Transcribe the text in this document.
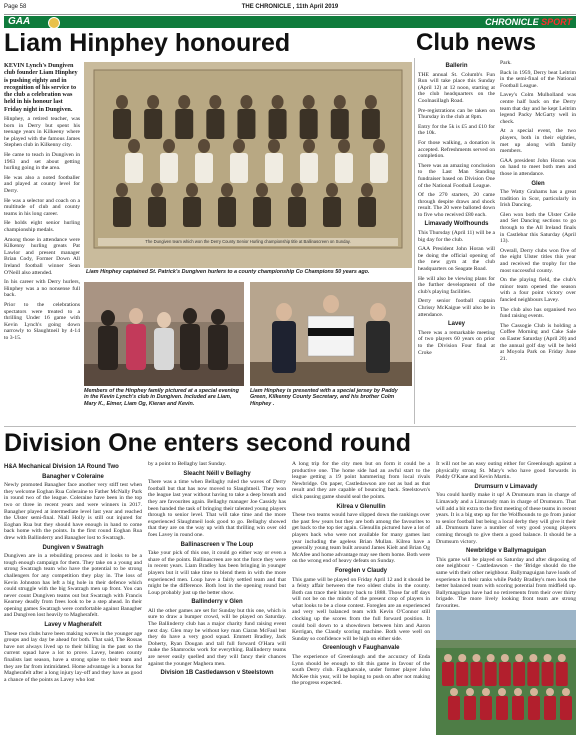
Page 58	THE CHRONICLE , 11th April 2019
GAA	CHRONICLE SPORT
Liam Hinphey honoured

KEVIN Lynch's Dungiven club founder Liam Hinphey is pushing eighty and in recognition of his service to the club a celebration was held in his honour last Friday night in Dungiven.

Hinphey, a retired teacher, was born in Derry but spent his teenage years in Kilkeeny where he played with the famous James Stephen club in Kilkenny city.

He came to teach in Dungiven in 1963 and set about getting hurling going in the area.

He was also a noted footballer and played at county level for Derry.

He was a selector and coach on a multitude of club and county teams in his long career.

He holds eight senior hurling championship medals.

Among those in attendance were Kilkenny hurling greats Pat Lawlor and present manager Brian Cody, Former Down All Ireland football winner Sean O'Neill also attended.

In his career with Derry hurlers, Hinphey was a no nonsense full back.

Prior to the celebrations spectators were treated to a thrilling Under 16 game with Kevin Lynch's going down narrowly to Slaughtneil by 4-14 to 3-15.

The Dungiven team which won the Derry County Senior Hurling championship title at Ballinascreen on Sunday.
Liam Hinphey captained St. Patrick's Dungiven hurlers to a county championship Co Champions 50 years ago.
Members of the Hinphey family pictured at a special evening in the Kevin Lynch's club in Dungiven. Included are Liam, Mary K., Eimer, Liam Og, Kieran and Kevin.
Liam Hinphey is presented with a special jersey by Paddy Green, Kilkenny County Secretary, and his brother Colm Hinphey .
Club news
Ballerin

THE annual St. Columb's Fun Run will take place this Sunday (April 12) at 12 noon, starting at the club headquarters on the Coolnasillagh Road.

Pre-registrations can be taken on Thursday in the club at 8pm.

Entry for the 5k is £5 and £10 for the 10k.

For those walking, a donation is accepted. Refreshments served on completion.

There was an amazing conclusion to the Last Man Standing fundraiser based on Division One of the National Football League.

Of the 270 starters, 20 came through despite draws and shock result. The 20 were balloted down to five who received £80 each.

Limavady Wolfhounds

This Thursday (April 11) will be a big day for the club.

GAA President John Horan will be doing the official opening of the new gym at the club headquarters on Seagate Road.

He will also be viewing plans for the further development of the club's playing facilities.

Derry senior football captain Chrissy McKaigue will also be in attendance.

Lavey

There was a remarkable meeting of two players 60 years on prior to the Division Four final at Croke

Park.

Back in 1959, Derry beat Leitrim in the semi-final of the National Football League.

Lavey's Colm Mulholland was centre half back on the Derry team that day and he kept Leitrim legend Packy McGarty well in check.

At a special event, the two players, both in their eighties, met up along with family members.

GAA president John Horan was on hand to meet both men and those in attendance.

Glen

The Watty Grahams has a great tradition in Scor, particularly in Irish Dancing.

Glen won both the Ulster Ceile and Set Dancing sections to go through to the All Ireland finals in Castlebar this Saturday (April 13).

Overall, Derry clubs won five of the eight Ulster titles this year and received the trophy for the most successful county.

On the playing field, the club's minor team opened the season with a four point victory over fancied neighbours Lavey.

The club also has organised two fund raising events.

The Cassogie Club is holding a Coffee Morning and Cake Sale on Easter Saturday (April 20) and the annual golf day will be held at Moyola Park on Friday June 21.

Division One enters second round
H&A Mechanical Division 1A Round Two
Banagher v Coleraine

Newly promoted Banagher face another very stiff test when they welcome Eoghan Rua Coleraine to Father McNally Park in round two of the league. Coleraine have been in the top two or three in recent years and were winners in 2017. Banagher played at intermediate level last year and reached the Ulster semi-final. Niall Holly is still out injured for Eoghan Rua but they should have enough in hand to come back home with the points. In the first round Eoghan Rua drew with Ballinderry and Banagher lost to Swatragh.

Dungiven v Swatragh

Dungiven are in a rebuilding process and it looks to be a tough enough campaign for them. They take on a young and strong Swatragh team who have the potential to be strong challengers for any competition they play in. The loss of Kevin Johnston has left a big hole in their defence which could struggle with the big Swatragh men up front. You can never count Dungiven teams out but Swatragh with Francis Kearney deadly from frees look to be a step ahead. In their opening games Swatragh were comfortable against Banagher and Dungiven lost heavily to Magherafelt.

Lavey v Magherafelt

These two clubs have been making waves in the younger age groups and lay day be ahead for both. That said, The Rossas have not always lived up to their billing in the past so the current squad have a lot to prove. Lavey, beaten county finalists last season, have a strong spine to their team and they are far from intimidated. Home advantage is a bonus for Magherafelt after a long injury lay-off and they have as good a chance of the points as Lavey who lost

by a point to Bellaghy last Sunday.

Sleacht Néill v Bellaghy

There was a time when Bellaghy ruled the waves of Derry football but that has now moved to Slaughtneil. They won the league last year without having to take a deep breath and they are favourites again. Bellaghy manager Joe Cassidy has been handed the task of bringing their talented young players through to senior level. That will take time and the more experienced Slaughtneil look good to go. Bellaghy showed that they are on the way up with that thrilling win over old foes Lavey in round one.

Ballinascreen v The Loup

Take your pick of this one, it could go either way or even a share of the points. Ballinascreen are not the force they were in recent years. Liam Bradley has been bringing in younger players but it will take time to blend them in with the more experienced men. Loup have a fairly settled team and that might be the difference. Both lost in the opening round but Loup probably just up the better show.

Ballinderry v Glen

All the other games are set for Sunday but this one, which is sure to draw a bumper crowd, will be played on Saturday. The Ballinderry club has a major charity fund raising event next day. Glen may be without key man Ciaran McFaul but they do have a very good squad. Emmett Bradley, Jack Doherty, Ryan Dougan and tall full forward O'Hara will make the Shamrocks work for everything. Ballinderry teams are never easily quelled and they will fancy their chances against the younger Maghera men.

Division 1B Castledawson v Steelstown

A long trip for the city men but on form it could be a productive one. The home side had an awful start to the league getting a 19 point hammering from local rivals Newbridge. On paper, Castledawson are not as bad as that result and they are capable of bouncing back. Steelstown's slick passing game should seal the points.

Kilrea v Glenullin

These two teams would have slipped down the rankings over the past few years but they are both among the favourites to get back to the top tier again. Glenullin pictured have a lot of players back who were not available for many games last year including the ageless Brian Mullan. Kilrea have a generally young team built around James Kielt and Brian Og McAfee and home advantage may see them home. Both were on the wrong end of heavy defeats on Sunday.

Foreglen v Claudy

This game will be played on Friday April 12 and it should be a feisty affair between the two oldest clubs in the county. Both can trace their history back to 1888. Those far off days will not be on the minds of the present crop of players in what looks to be a close contest. Foreglen are an experienced and very well balanced team with Kevin O'Connor still clocking up the scores from the full forward position. It could boil down to a showdown between him and Aaron Kerrigan, the Claudy scoring machine. Both were well on Sunday so confidence will be high on either side.

Greenlough v Faughanvale

The experience of Greenlough and the accuracy of Enda Lynn should be enough to tilt this game in favour of the south Derry club. Faughanvale, under former player John McKee this year, will be hoping to push on after not making the progress expected.

It will not be an easy outing either for Greenlough against a physically strong St. Mary's who have good forwards in Paddy O'Kane and Kevin Martin.

Drumsurn v Limavady

You could hardly make it up! A Drumsurn man in charge of Limavady and a Limavady man in charge of Drumsurn. That will add a bit extra to the first meeting of these teams in recent years. It is a big step up for the Wolfhounds to go from junior to senior football but being a local derby they will give it their all. Drumsurn have a number of very good young players coming through to give them a good balance. It should be a Drumsurn victory.

Newbridge v Ballymaguigan

This game will be played on Saturday and after disposing of one neighbour - Castledawson - the 'Bridge should do the same with their other neighbour. Ballymaguigan have loads of experience in their ranks while Paddy Bradley's men look the better balanced team with scoring potential from midfield up. Ballymaguigan have had no retirements from their over thirty brigade. The more lively looking front team are strong favourites.
